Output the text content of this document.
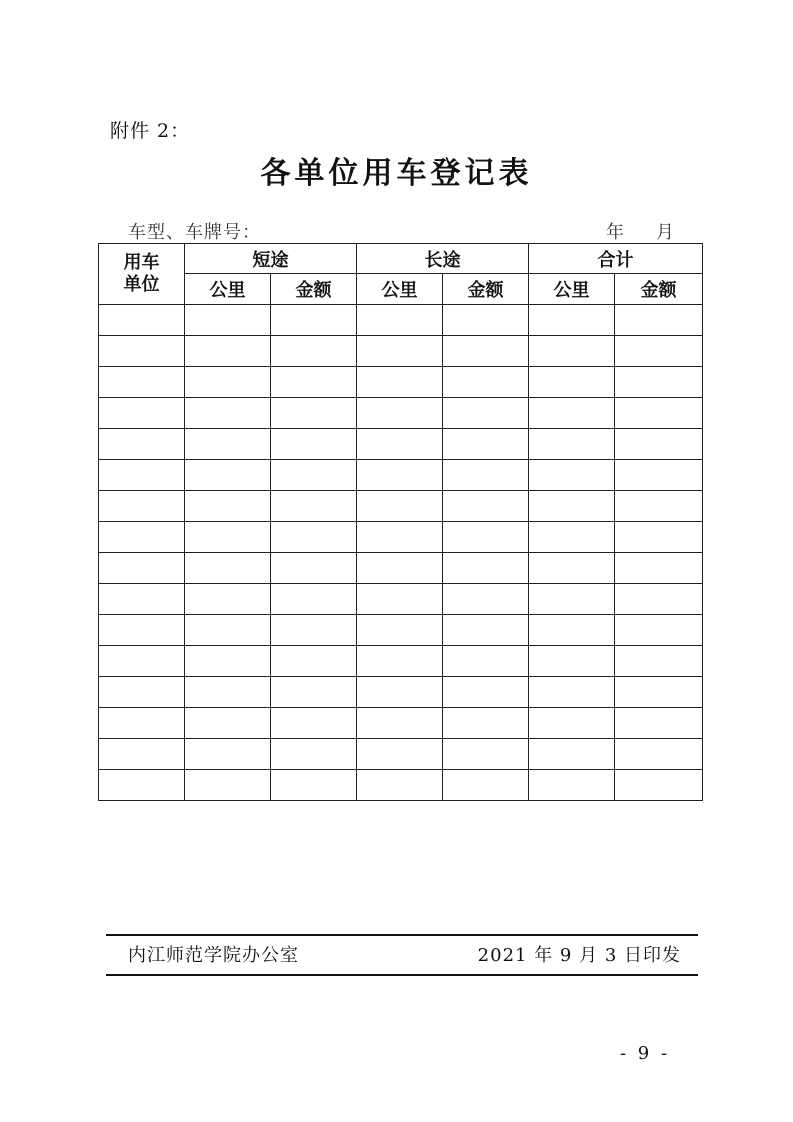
附件 2：
各单位用车登记表
车型、车牌号：	年 月
用车
单位	短途		长途		合计	
	公里	金额	公里	金额	公里	金额

内江师范学院办公室	2021 年 9 月 3 日印发
- 9 -
